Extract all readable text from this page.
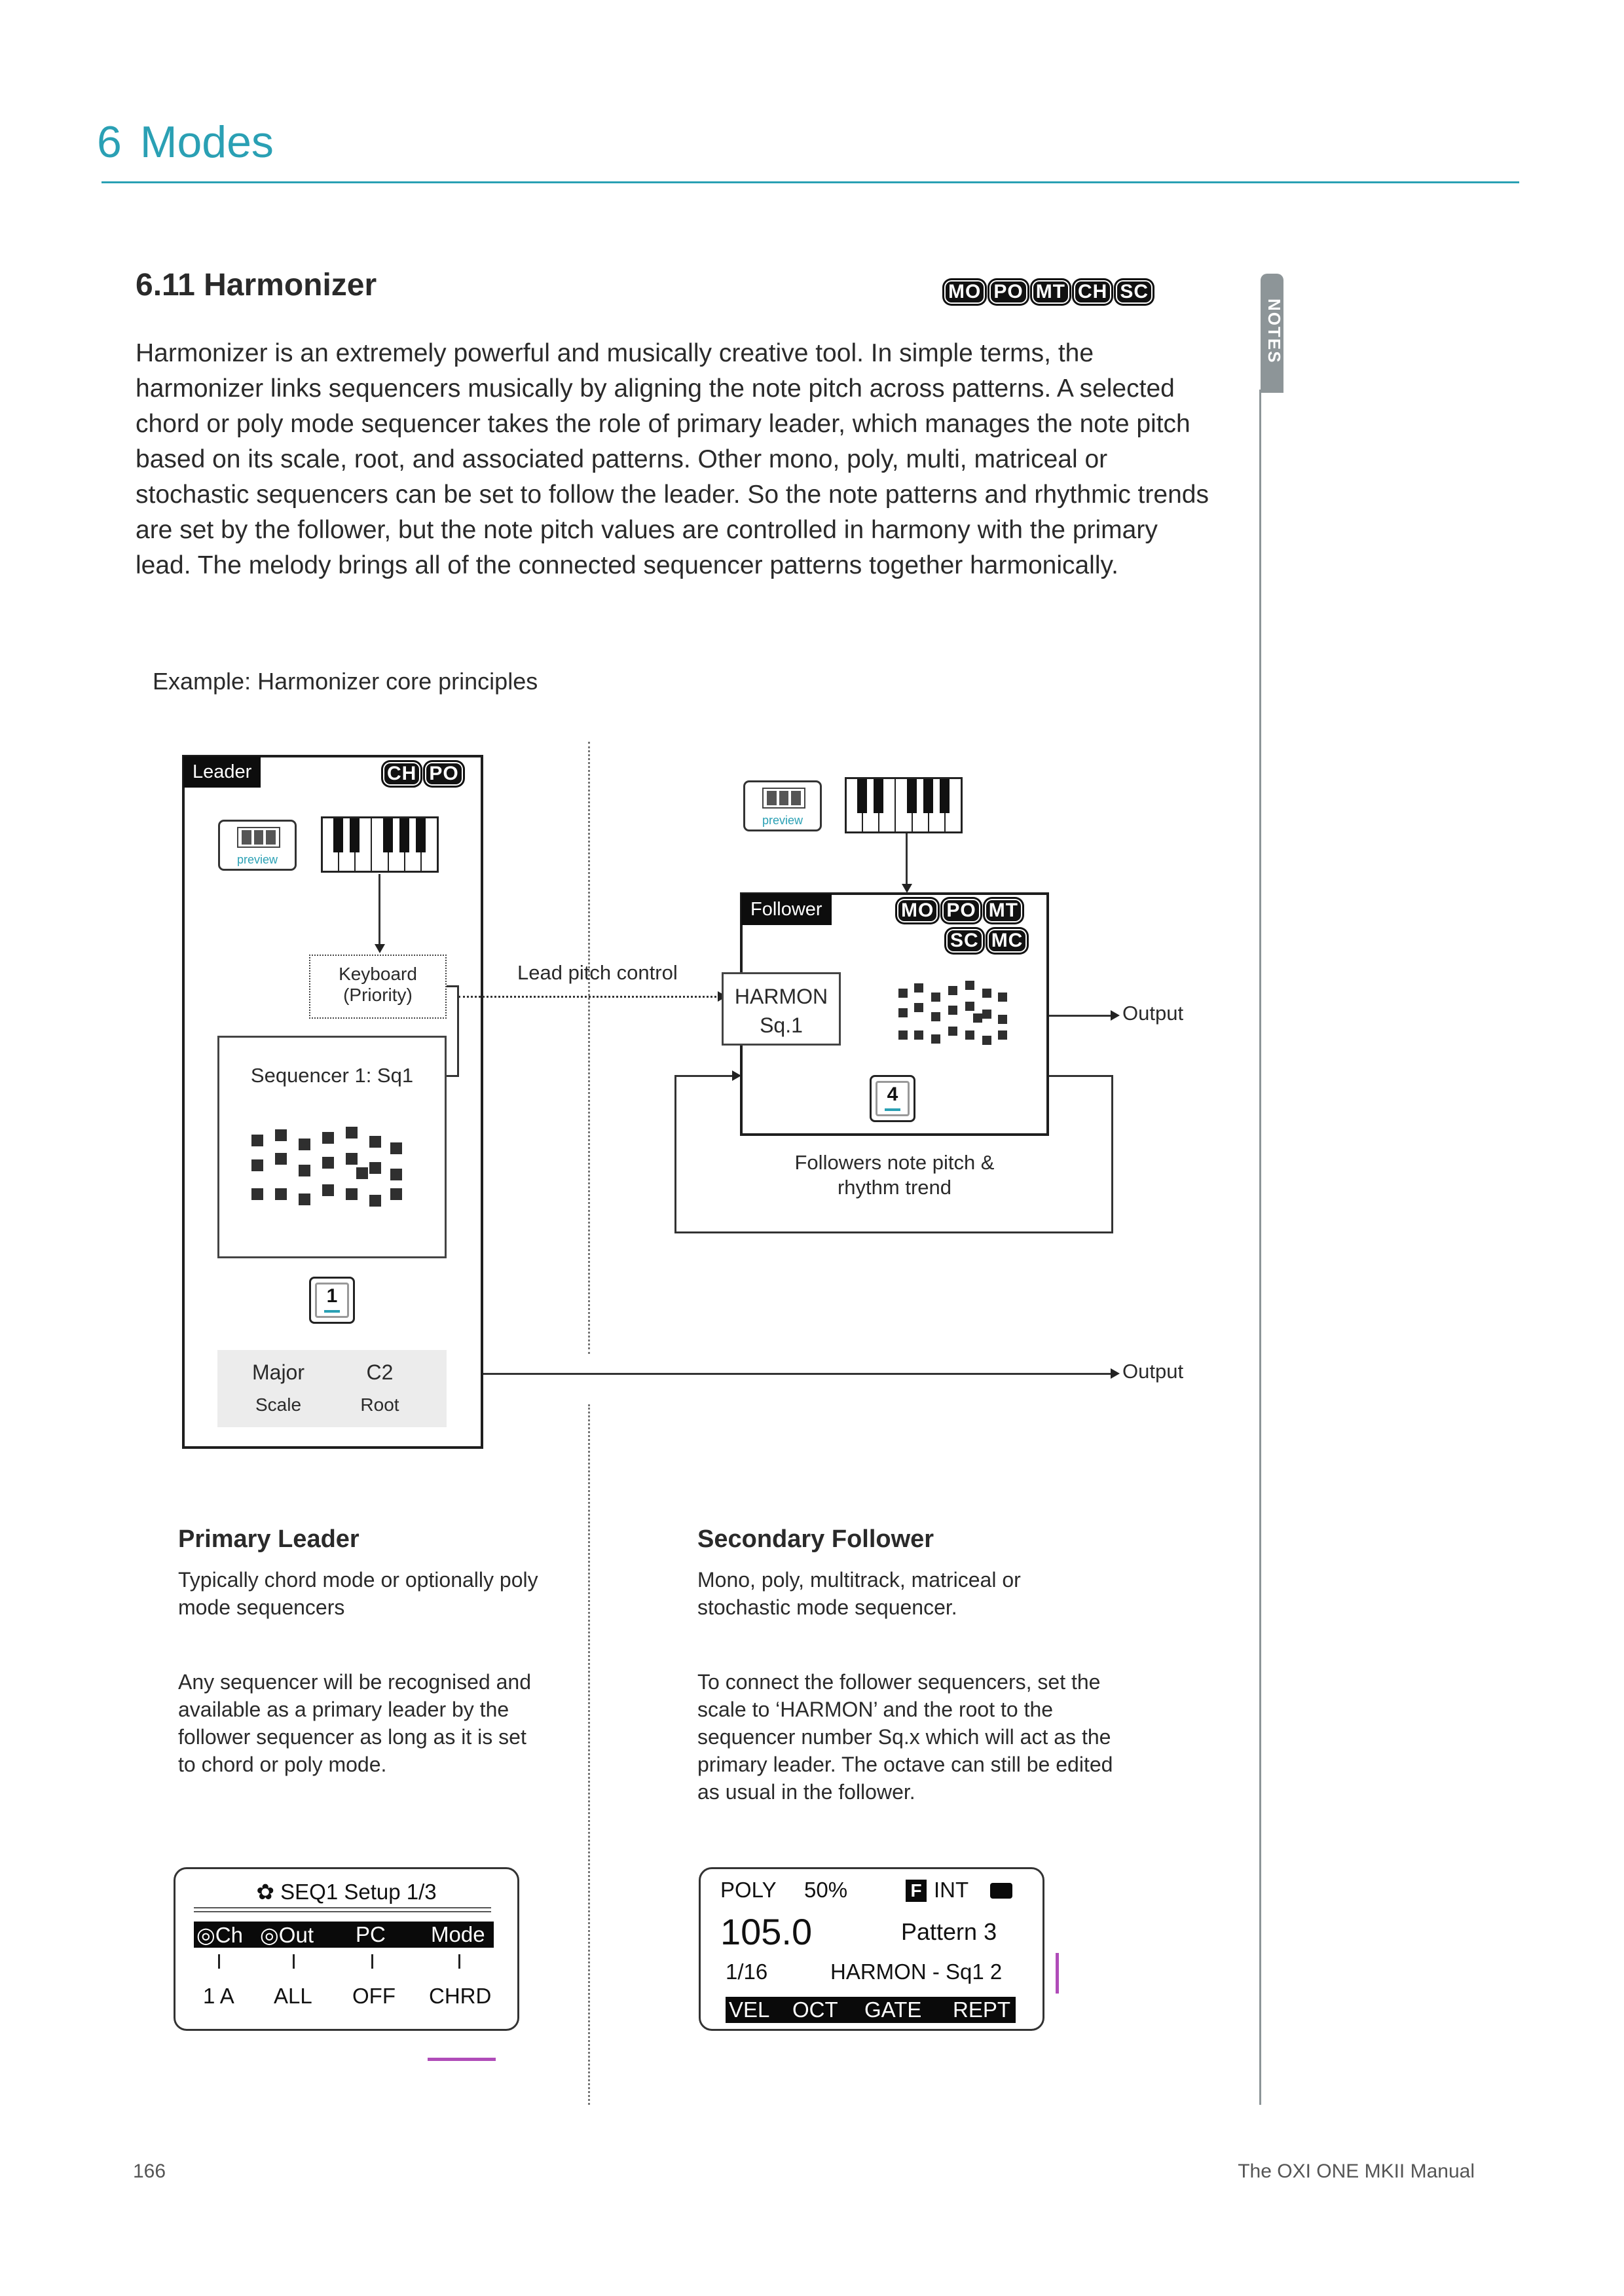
6 Modes
NOTES
6.11 Harmonizer	MO PO MT CH SC
Harmonizer is an extremely powerful and musically creative tool. In simple terms, the harmonizer links sequencers musically by aligning the note pitch across patterns. A selected chord or poly mode sequencer takes the role of primary leader, which manages the note pitch based on its scale, root, and associated patterns. Other mono, poly, multi, matriceal or stochastic sequencers can be set to follow the leader. So the note patterns and rhythmic trends are set by the follower, but the note pitch values are controlled in harmony with the primary lead. The melody brings all of the connected sequencer patterns together harmonically.
Example: Harmonizer core principles
Leader	CH PO
preview
Keyboard
(Priority)
Lead pitch control
Sequencer 1: Sq1
1
Major
Scale
C2
Root
Output
preview
Follower	MO PO MT
SC MC
HARMON
Sq.1
4
Output
Followers note pitch &
rhythm trend
Primary Leader
Typically chord mode or optionally poly mode sequencers
Any sequencer will be recognised and available as a primary leader by the follower sequencer as long as it is set to chord or poly mode.
Secondary Follower
Mono, poly, multitrack, matriceal or stochastic mode sequencer.
To connect the follower sequencers, set the scale to ‘HARMON’ and the root to the sequencer number Sq.x which will act as the primary leader. The octave can still be edited as usual in the follower.
✿ SEQ1 Setup 1/3
◎Ch ◎Out PC Mode
1 A ALL OFF CHRD
POLY 50%	F INT
105.0	Pattern 3
1/16	HARMON - Sq1 2
VEL OCT GATE REPT
166	The OXI ONE MKII Manual
